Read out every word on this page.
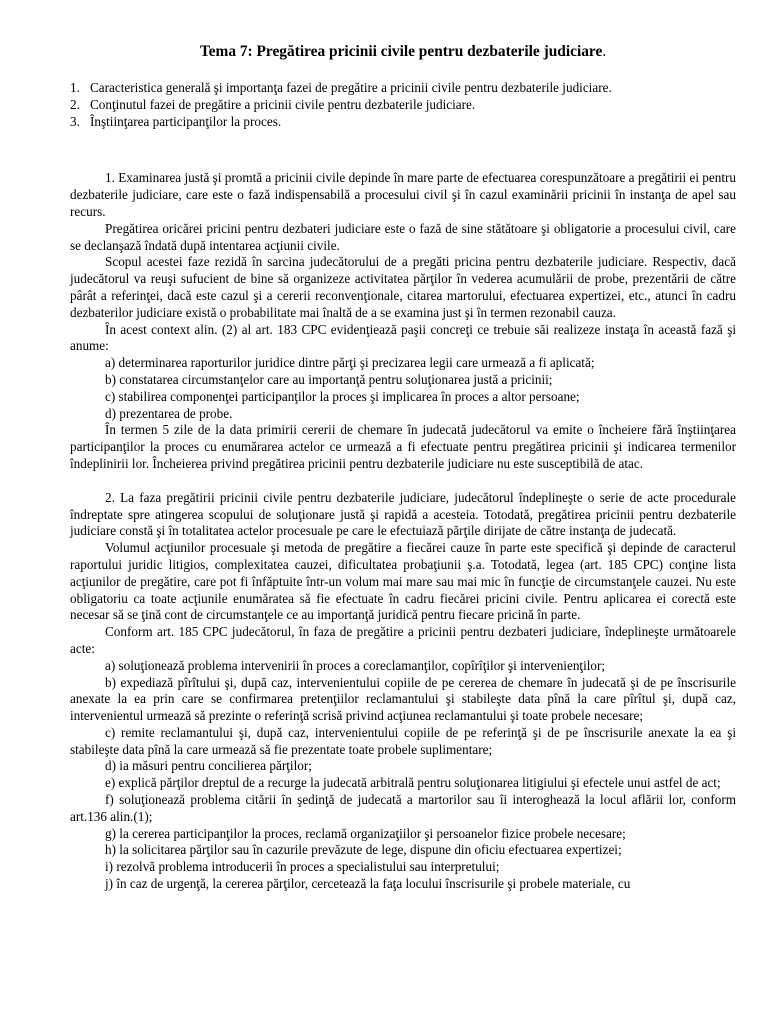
Tema 7: Pregătirea pricinii civile pentru dezbaterile judiciare.
1. Caracteristica generală şi importanţa fazei de pregătire a pricinii civile pentru dezbaterile judiciare.
2. Conţinutul fazei de pregătire a pricinii civile pentru dezbaterile judiciare.
3. Înştiinţarea participanţilor la proces.

1. Examinarea justă şi promtă a pricinii civile depinde în mare parte de efectuarea corespunzătoare a pregătirii ei pentru dezbaterile judiciare, care este o fază indispensabilă a procesului civil şi în cazul examinării pricinii în instanţa de apel sau recurs.

Pregătirea oricărei pricini pentru dezbateri judiciare este o fază de sine stătătoare şi obligatorie a procesului civil, care se declanşază îndată după intentarea acţiunii civile.

Scopul acestei faze rezidă în sarcina judecătorului de a pregăti pricina pentru dezbaterile judiciare. Respectiv, dacă judecătorul va reuşi sufucient de bine să organizeze activitatea părţilor în vederea acumulării de probe, prezentării de către pârât a referinţei, dacă este cazul şi a cererii reconvenţionale, citarea martorului, efectuarea expertizei, etc., atunci în cadru dezbaterilor judiciare există o probabilitate mai înaltă de a se examina just şi în termen rezonabil cauza.

În acest context alin. (2) al art. 183 CPC evidenţiează paşii concreţi ce trebuie săi realizeze instaţa în această fază şi anume:

a) determinarea raporturilor juridice dintre părţi şi precizarea legii care urmează a fi aplicată;

b) constatarea circumstanţelor care au importanţă pentru soluţionarea justă a pricinii;

c) stabilirea componenţei participanţilor la proces şi implicarea în proces a altor persoane;

d) prezentarea de probe.

În termen 5 zile de la data primirii cererii de chemare în judecată judecătorul va emite o încheiere fără înştiinţarea participanţilor la proces cu enumărarea actelor ce urmează a fi efectuate pentru pregătirea pricinii şi indicarea termenilor îndeplinirii lor. Încheierea privind pregătirea pricinii pentru dezbaterile judiciare nu este susceptibilă de atac.

2. La faza pregătirii pricinii civile pentru dezbaterile judiciare, judecătorul îndeplineşte o serie de acte procedurale îndreptate spre atingerea scopului de soluţionare justă şi rapidă a acesteia. Totodată, pregătirea pricinii pentru dezbaterile judiciare constă şi în totalitatea actelor procesuale pe care le efectuiază părţile dirijate de către instanţa de judecată.

Volumul acţiunilor procesuale şi metoda de pregătire a fiecărei cauze în parte este specifică şi depinde de caracterul raportului juridic litigios, complexitatea cauzei, dificultatea probaţiunii ş.a. Totodată, legea (art. 185 CPC) conţine lista acţiunilor de pregătire, care pot fi înfăptuite într-un volum mai mare sau mai mic în funcţie de circumstanţele cauzei. Nu este obligatoriu ca toate acţiunile enumăratea să fie efectuate în cadru fiecărei pricini civile. Pentru aplicarea ei corectă este necesar să se ţină cont de circumstanţele ce au importanţă juridică pentru fiecare pricină în parte.

Conform art. 185 CPC judecătorul, în faza de pregătire a pricinii pentru dezbateri judiciare, îndeplineşte următoarele acte:

a) soluţionează problema intervenirii în proces a coreclamanţilor, copîrîţilor şi intervenienţilor;

b) expediază pîrîtului şi, după caz, intervenientului copiile de pe cererea de chemare în judecată şi de pe înscrisurile anexate la ea prin care se confirmarea pretenţiilor reclamantului şi stabileşte data pînă la care pîrîtul şi, după caz, intervenientul urmează să prezinte o referinţă scrisă privind acţiunea reclamantului şi toate probele necesare;

c) remite reclamantului şi, după caz, intervenientului copiile de pe referinţă şi de pe înscrisurile anexate la ea şi stabileşte data pînă la care urmează să fie prezentate toate probele suplimentare;

d) ia măsuri pentru concilierea părţilor;

e) explică părţilor dreptul de a recurge la judecată arbitrală pentru soluţionarea litigiului şi efectele unui astfel de act;

f) soluţionează problema citării în şedinţă de judecată a martorilor sau îi interoghează la locul aflării lor, conform art.136 alin.(1);

g) la cererea participanţilor la proces, reclamă organizaţiilor şi persoanelor fizice probele necesare;

h) la solicitarea părţilor sau în cazurile prevăzute de lege, dispune din oficiu efectuarea expertizei;

i) rezolvă problema introducerii în proces a specialistului sau interpretului;

j) în caz de urgenţă, la cererea părţilor, cercetează la faţa locului înscrisurile şi probele materiale, cu
